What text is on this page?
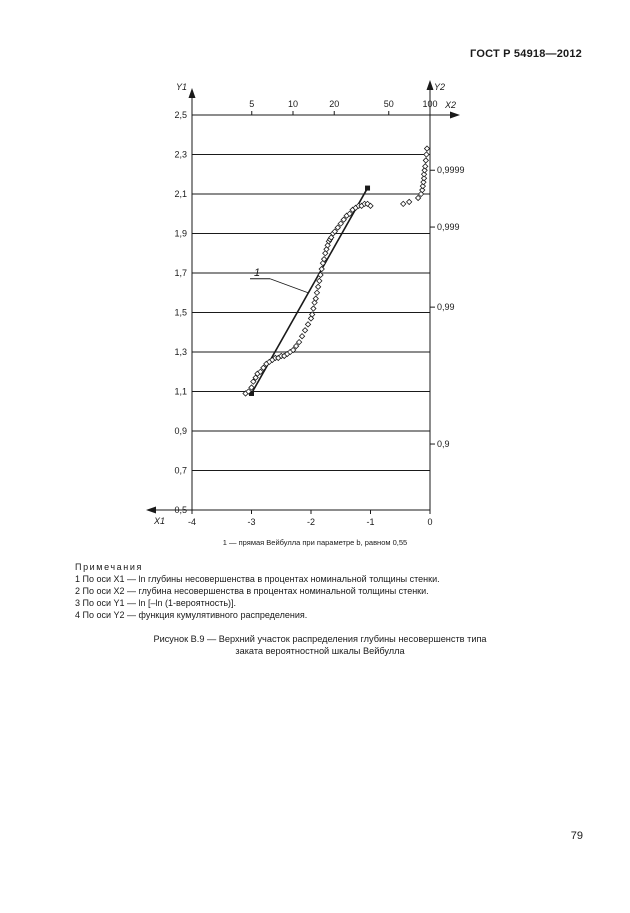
ГОСТ Р 54918—2012
0,5
0,7
0,9
1,1
1,3
1,5
1,7
1,9
2,1
2,3
2,5
-4	-3	-2	-1	0
5	10	20	50	100
0,9
0,99
0,999
0,9999
Y1	Y2
X1
X2
1
1 — прямая Вейбулла при параметре b, равном 0,55
Примечания
1 По оси X1 — ln глубины несовершенства в процентах номинальной толщины стенки.
2 По оси X2 — глубина несовершенства в процентах номинальной толщины стенки.
3 По оси Y1 — ln [–ln (1-вероятность)].
4 По оси Y2 — функция кумулятивного распределения.
Рисунок В.9 — Верхний участок распределения глубины несовершенств типа
заката вероятностной шкалы Вейбулла
79
